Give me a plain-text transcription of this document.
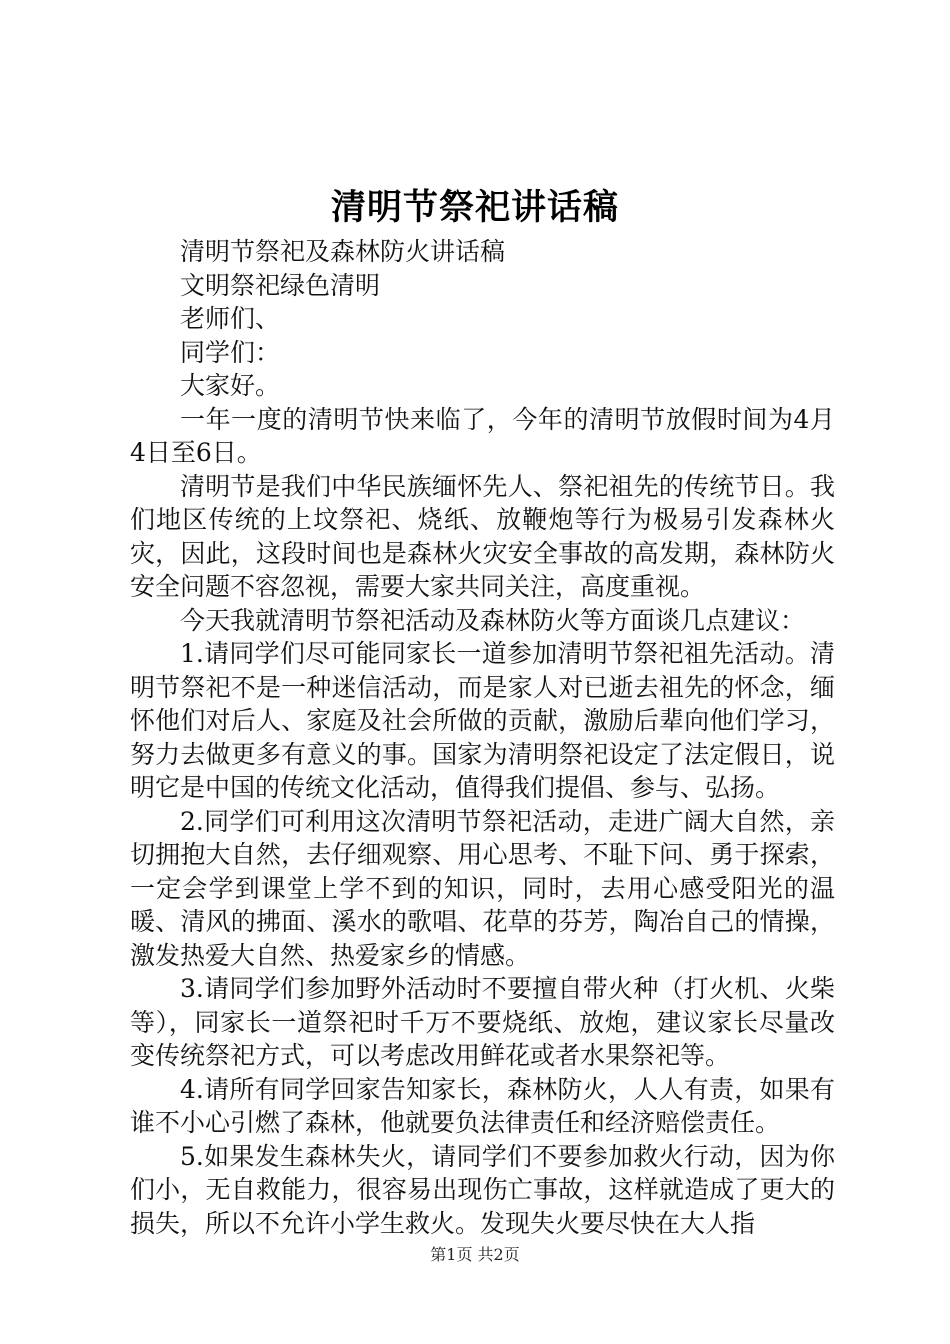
清明节祭祀讲话稿

清明节祭祀及森林防火讲话稿

文明祭祀绿色清明

老师们、

同学们：

大家好。

一年一度的清明节快来临了，今年的清明节放假时间为4月4日至6日。

清明节是我们中华民族缅怀先人、祭祀祖先的传统节日。我们地区传统的上坟祭祀、烧纸、放鞭炮等行为极易引发森林火灾，因此，这段时间也是森林火灾安全事故的高发期，森林防火安全问题不容忽视，需要大家共同关注，高度重视。

今天我就清明节祭祀活动及森林防火等方面谈几点建议：

1.请同学们尽可能同家长一道参加清明节祭祀祖先活动。清明节祭祀不是一种迷信活动，而是家人对已逝去祖先的怀念，缅怀他们对后人、家庭及社会所做的贡献，激励后辈向他们学习，努力去做更多有意义的事。国家为清明祭祀设定了法定假日，说明它是中国的传统文化活动，值得我们提倡、参与、弘扬。

2.同学们可利用这次清明节祭祀活动，走进广阔大自然，亲切拥抱大自然，去仔细观察、用心思考、不耻下问、勇于探索，一定会学到课堂上学不到的知识，同时，去用心感受阳光的温暖、清风的拂面、溪水的歌唱、花草的芬芳，陶冶自己的情操，激发热爱大自然、热爱家乡的情感。

3.请同学们参加野外活动时不要擅自带火种（打火机、火柴等），同家长一道祭祀时千万不要烧纸、放炮，建议家长尽量改变传统祭祀方式，可以考虑改用鲜花或者水果祭祀等。

4.请所有同学回家告知家长，森林防火，人人有责，如果有谁不小心引燃了森林，他就要负法律责任和经济赔偿责任。

5.如果发生森林失火，请同学们不要参加救火行动，因为你们小，无自救能力，很容易出现伤亡事故，这样就造成了更大的损失，所以不允许小学生救火。发现失火要尽快在大人指

第1页 共2页
